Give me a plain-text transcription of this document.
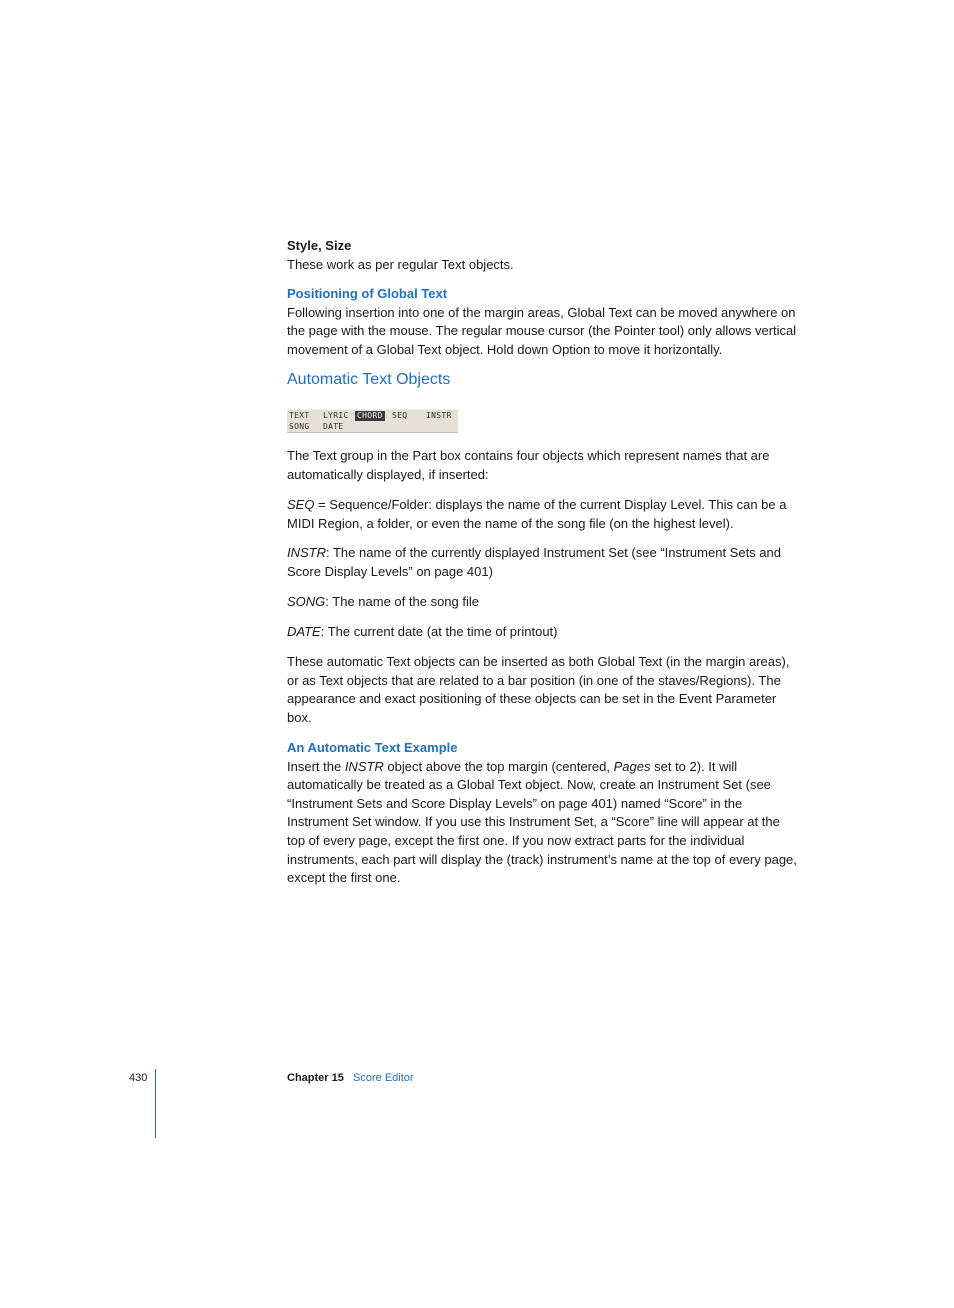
Style, Size

These work as per regular Text objects.

Positioning of Global Text

Following insertion into one of the margin areas, Global Text can be moved anywhere on the page with the mouse. The regular mouse cursor (the Pointer tool) only allows vertical movement of a Global Text object. Hold down Option to move it horizontally.

Automatic Text Objects

TEXT LYRIC CHORD SEQ INSTR
SONG DATE

The Text group in the Part box contains four objects which represent names that are automatically displayed, if inserted:

SEQ = Sequence/Folder: displays the name of the current Display Level. This can be a MIDI Region, a folder, or even the name of the song file (on the highest level).

INSTR: The name of the currently displayed Instrument Set (see “Instrument Sets and Score Display Levels” on page 401)

SONG: The name of the song file

DATE: The current date (at the time of printout)

These automatic Text objects can be inserted as both Global Text (in the margin areas), or as Text objects that are related to a bar position (in one of the staves/Regions). The appearance and exact positioning of these objects can be set in the Event Parameter box.

An Automatic Text Example

Insert the INSTR object above the top margin (centered, Pages set to 2). It will automatically be treated as a Global Text object. Now, create an Instrument Set (see “Instrument Sets and Score Display Levels” on page 401) named “Score” in the Instrument Set window. If you use this Instrument Set, a “Score” line will appear at the top of every page, except the first one. If you now extract parts for the individual instruments, each part will display the (track) instrument’s name at the top of every page, except the first one.

430	Chapter 15 Score Editor
